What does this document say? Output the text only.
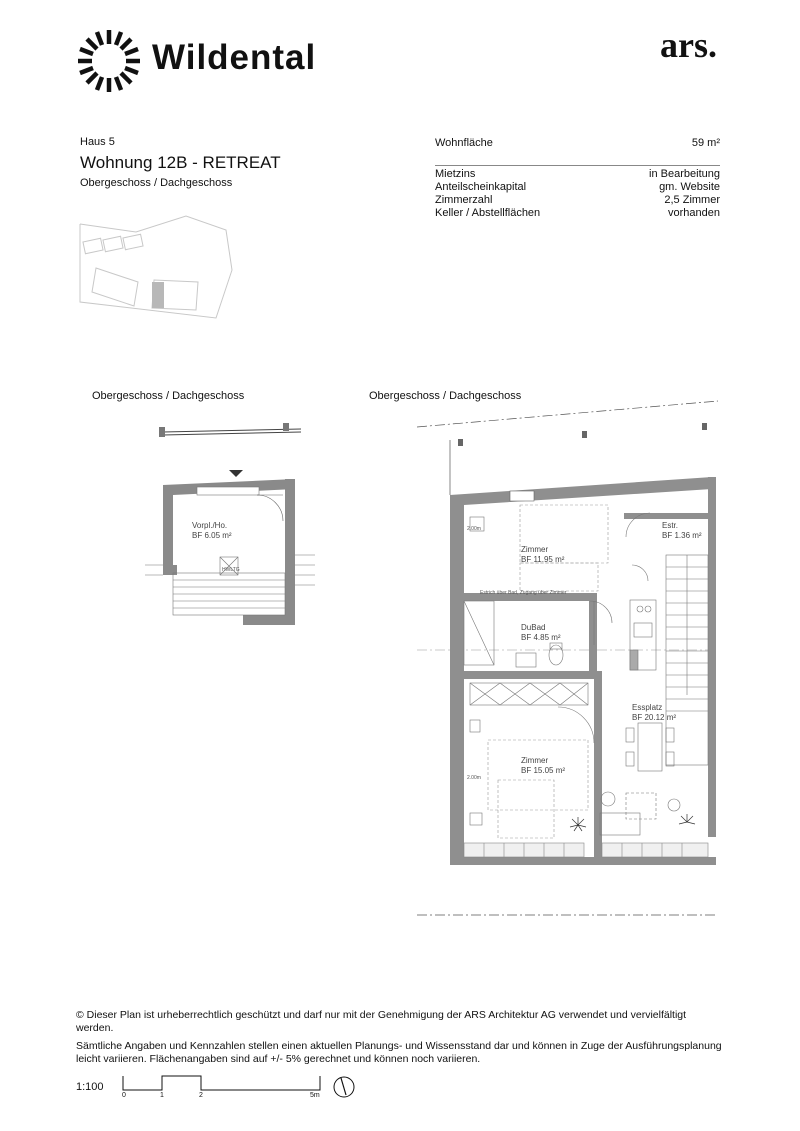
Wildental	ars.
Haus 5
Wohnung 12B - RETREAT
Obergeschoss / Dachgeschoss
Wohnfläche	59 m²
Mietzins	in Bearbeitung
Anteilscheinkapital	gm. Website
Zimmerzahl	2,5 Zimmer
Keller / Abstellflächen	vorhanden
Obergeschoss / Dachgeschoss	Obergeschoss / Dachgeschoss
Vorpl./Ho.
BF 6.05 m²
HWLTG
Zimmer
BF 11.95 m²
Estr.
BF 1.36 m²
DuBad
BF 4.85 m²
Essplatz
BF 20.12 m²
Zimmer
BF 15.05 m²
2.00m
2.00m
Estrich über Bad, Zugang über Zimmer
© Dieser Plan ist urheberrechtlich geschützt und darf nur mit der Genehmigung der ARS Architektur AG verwendet und vervielfältigt werden.
Sämtliche Angaben und Kennzahlen stellen einen aktuellen Planungs- und Wissensstand dar und können in Zuge der Ausführungsplanung leicht variieren. Flächenangaben sind auf +/- 5% gerechnet und können noch variieren.
1:100
0	1	2	5m
